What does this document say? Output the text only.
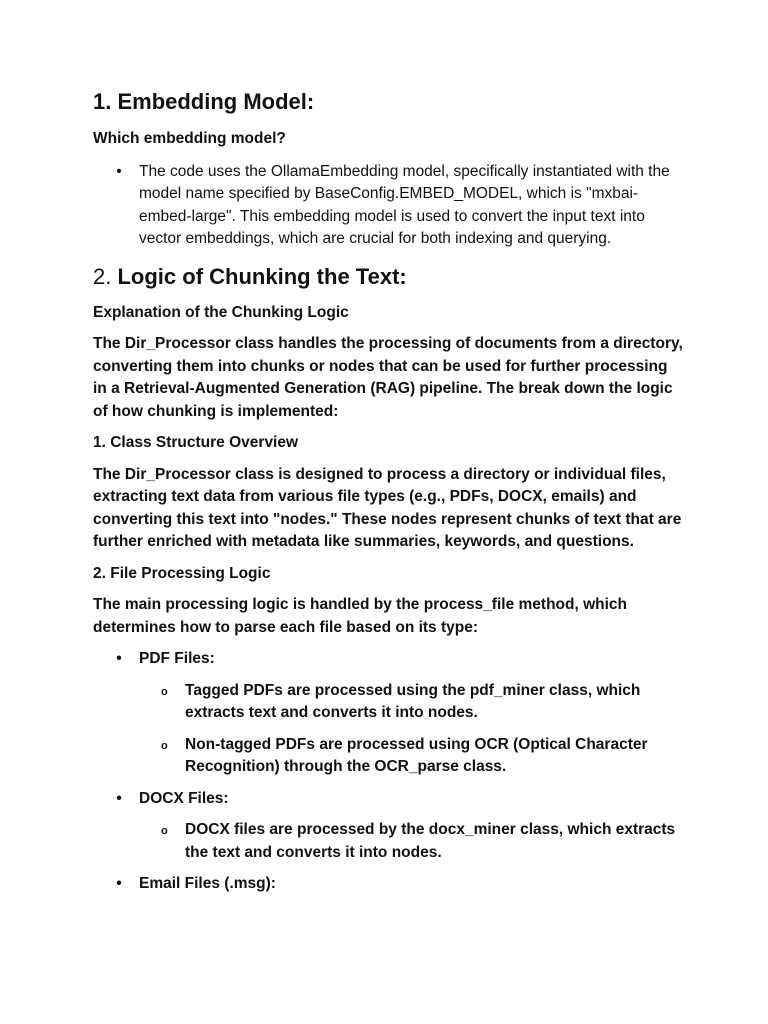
1. Embedding Model:

Which embedding model?

• The code uses the OllamaEmbedding model, specifically instantiated with the model name specified by BaseConfig.EMBED_MODEL, which is "mxbai-embed-large". This embedding model is used to convert the input text into vector embeddings, which are crucial for both indexing and querying.
2. Logic of Chunking the Text:

Explanation of the Chunking Logic

The Dir_Processor class handles the processing of documents from a directory, converting them into chunks or nodes that can be used for further processing in a Retrieval-Augmented Generation (RAG) pipeline. The break down the logic of how chunking is implemented:

1. Class Structure Overview

The Dir_Processor class is designed to process a directory or individual files, extracting text data from various file types (e.g., PDFs, DOCX, emails) and converting this text into "nodes." These nodes represent chunks of text that are further enriched with metadata like summaries, keywords, and questions.

2. File Processing Logic

The main processing logic is handled by the process_file method, which determines how to parse each file based on its type:

• PDF Files:
o Tagged PDFs are processed using the pdf_miner class, which extracts text and converts it into nodes.
o Non-tagged PDFs are processed using OCR (Optical Character Recognition) through the OCR_parse class.
• DOCX Files:
o DOCX files are processed by the docx_miner class, which extracts the text and converts it into nodes.
• Email Files (.msg):
